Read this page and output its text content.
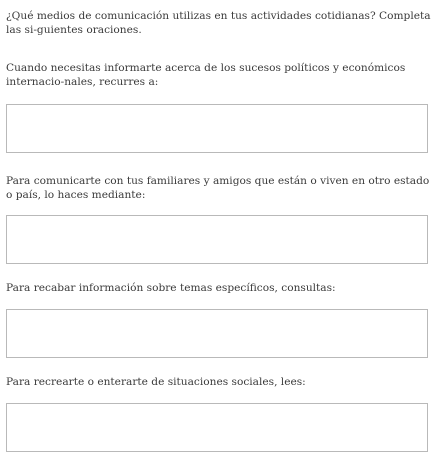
¿Qué medios de comunicación utilizas en tus actividades cotidianas? Completa las si-guientes oraciones.

Cuando necesitas informarte acerca de los sucesos políticos y económicos internacio-nales, recurres a:

Para comunicarte con tus familiares y amigos que están o viven en otro estado o país, lo haces mediante:

Para recabar información sobre temas específicos, consultas:

Para recrearte o enterarte de situaciones sociales, lees:
